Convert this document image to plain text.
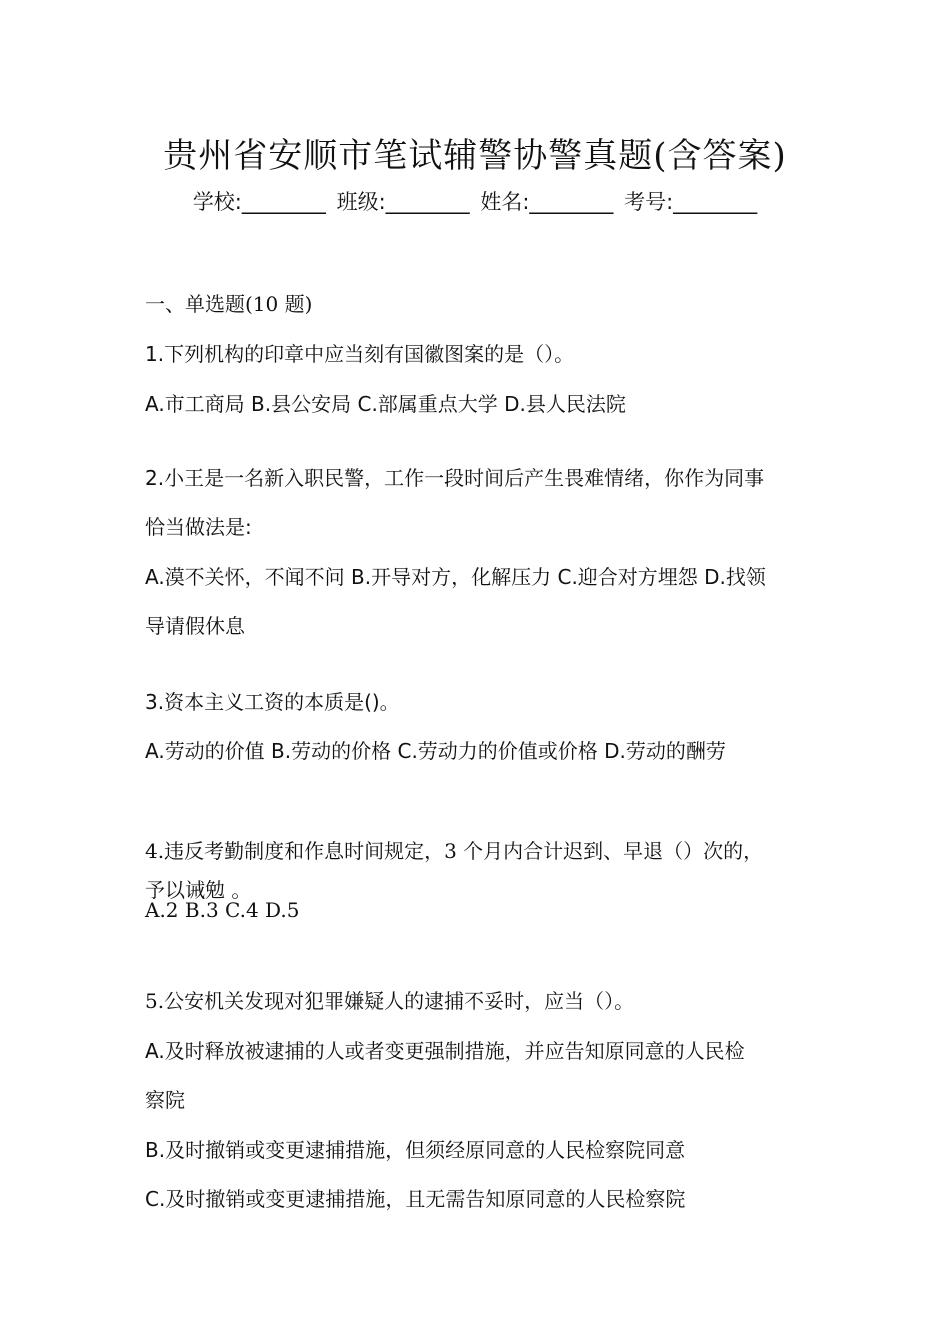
贵州省安顺市笔试辅警协警真题(含答案)
学校:________ 班级:________ 姓名:________ 考号:________
一、单选题(10 题)
1.下列机构的印章中应当刻有国徽图案的是（）。
A.市工商局 B.县公安局 C.部属重点大学 D.县人民法院
2.小王是一名新入职民警，工作一段时间后产生畏难情绪，你作为同事
恰当做法是:
A.漠不关怀，不闻不问 B.开导对方，化解压力 C.迎合对方埋怨 D.找领
导请假休息
3.资本主义工资的本质是()。
A.劳动的价值 B.劳动的价格 C.劳动力的价值或价格 D.劳动的酬劳
4.违反考勤制度和作息时间规定，3 个月内合计迟到、早退（）次的，
予以诫勉 。
A.2 B.3 C.4 D.5
5.公安机关发现对犯罪嫌疑人的逮捕不妥时，应当（）。
A.及时释放被逮捕的人或者变更强制措施，并应告知原同意的人民检
察院
B.及时撤销或变更逮捕措施，但须经原同意的人民检察院同意
C.及时撤销或变更逮捕措施，且无需告知原同意的人民检察院
